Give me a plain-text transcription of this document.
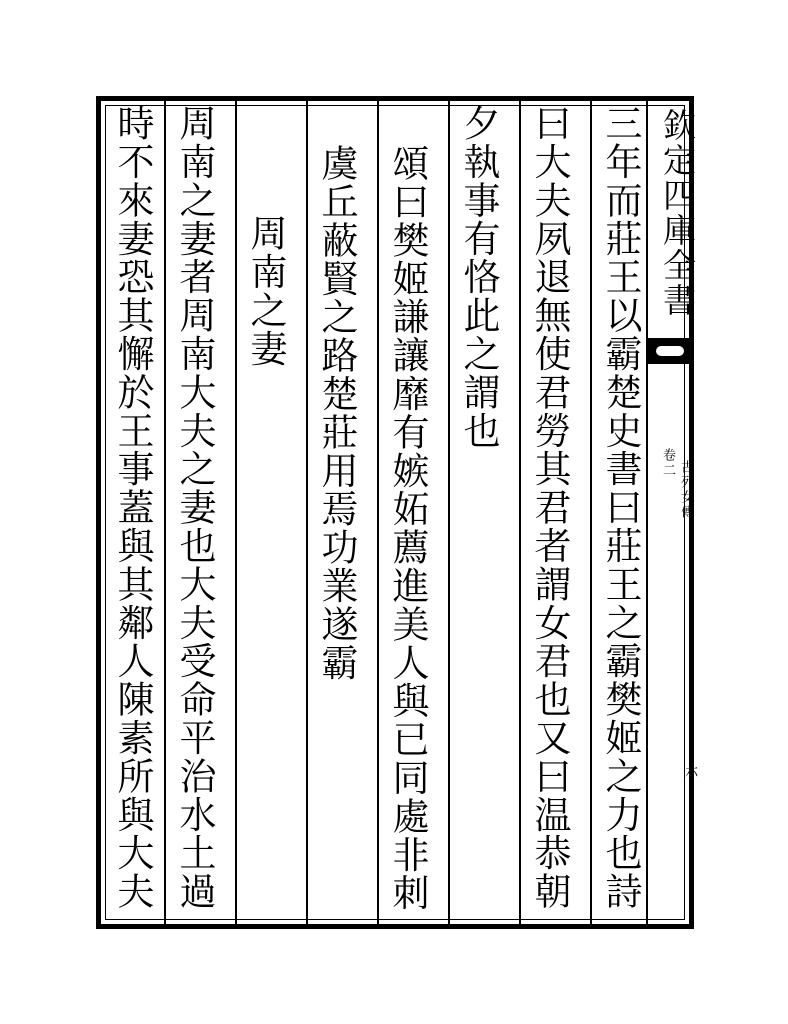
欽定四庫全書
古列女傳
卷二
六
三年而莊王以霸楚史書曰莊王之霸樊姬之力也詩
曰大夫夙退無使君勞其君者謂女君也又曰温恭朝
夕執事有恪此之謂也
頌曰樊姬謙讓靡有嫉妬薦進美人與已同處非刺
虞丘蔽賢之路楚莊用焉功業遂霸
周南之妻
周南之妻者周南大夫之妻也大夫受命平治水土過
時不來妻恐其懈於王事蓋與其鄰人陳素所與大夫
